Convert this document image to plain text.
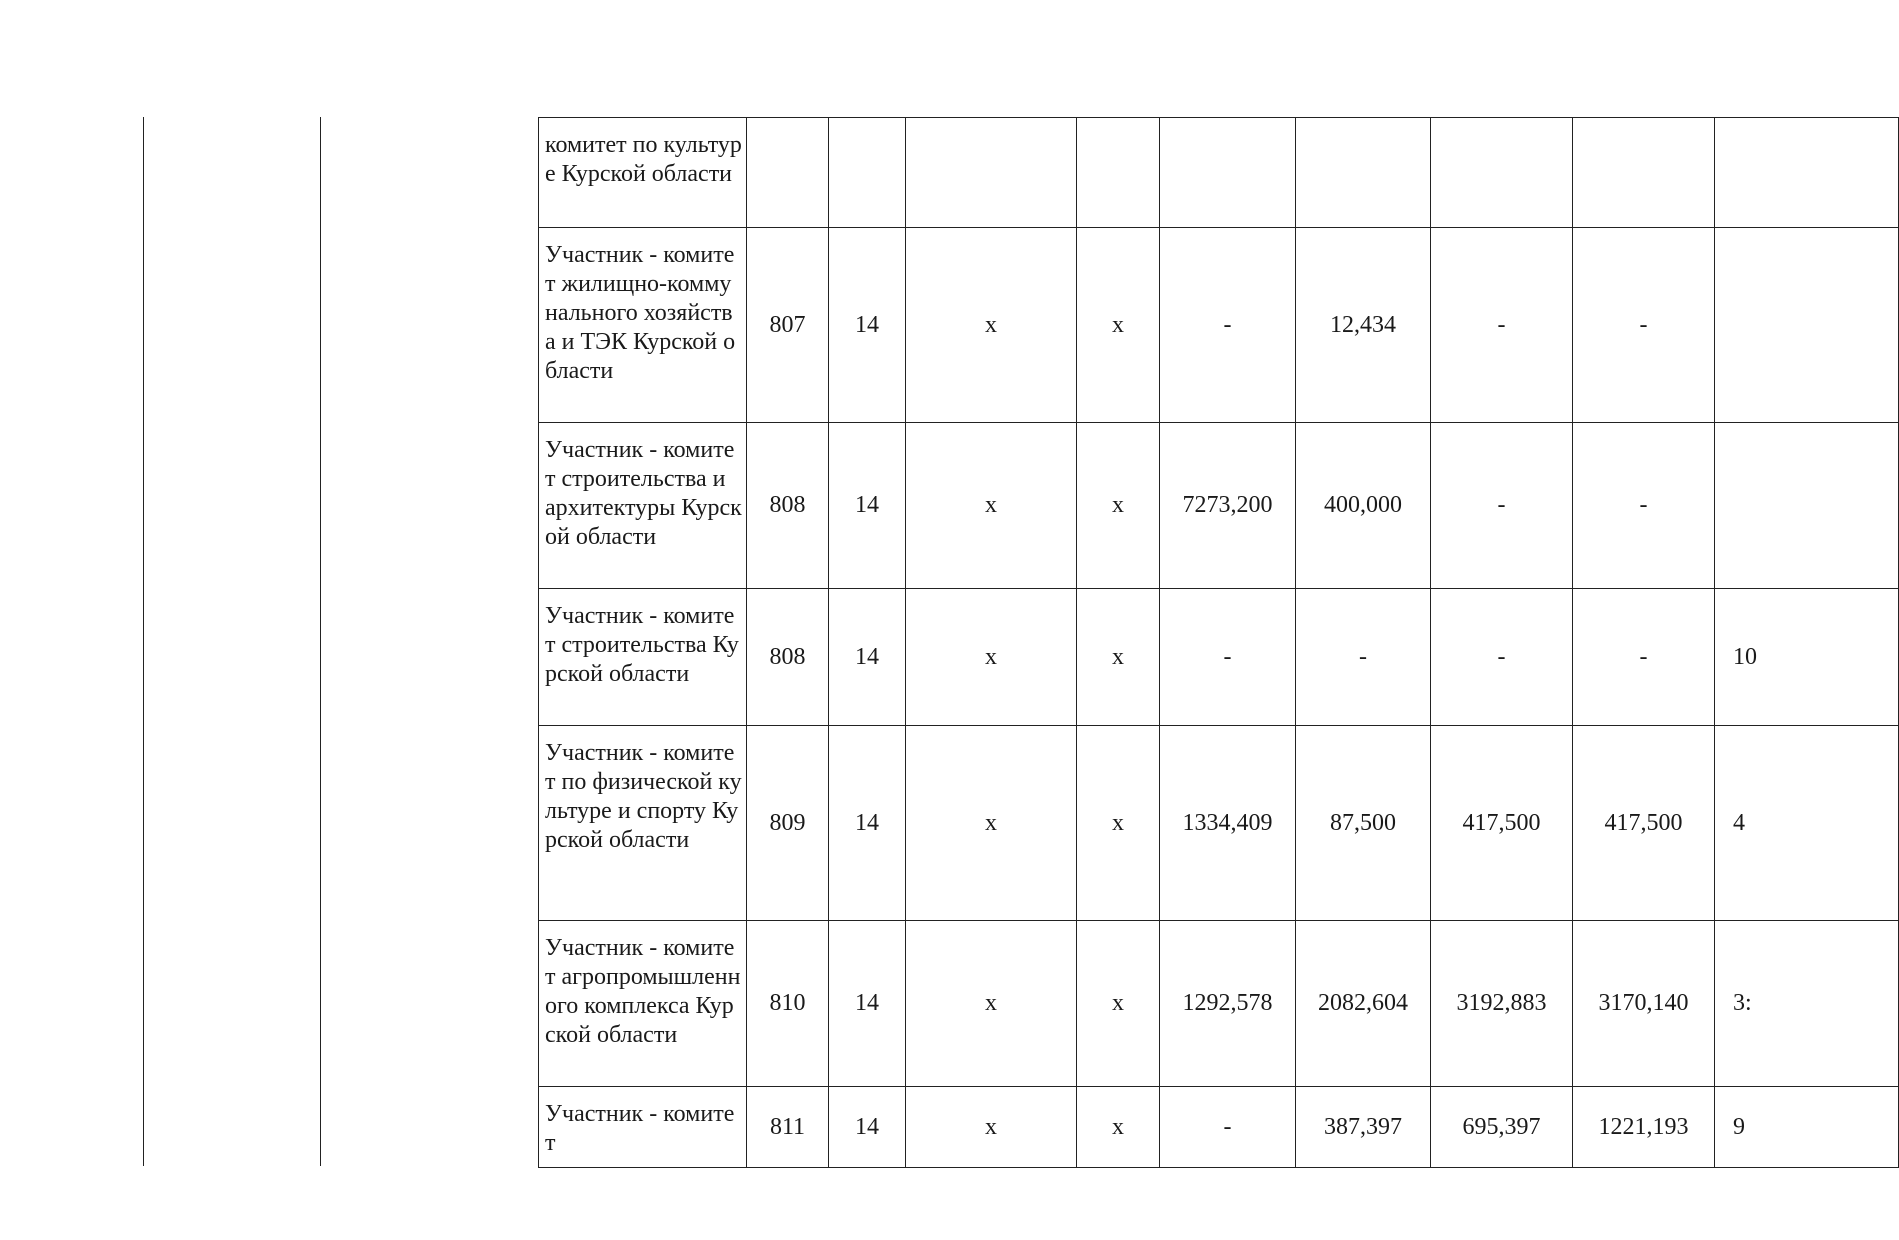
комитет по культуре Курской области									
Участник - комитет жилищно-коммунального хозяйства и ТЭК Курской области	807	14	х	х	-	12,434	-	-	
Участник - комитет строительства и архитектуры Курской области	808	14	х	х	7273,200	400,000	-	-	
Участник - комитет строительства Курской области	808	14	х	х	-	-	-	-	10
Участник - комитет по физической культуре и спорту Курской области	809	14	х	х	1334,409	87,500	417,500	417,500	4
Участник - комитет агропромышленного комплекса Курской области	810	14	х	х	1292,578	2082,604	3192,883	3170,140	3:
Участник - комитет	811	14	х	х	-	387,397	695,397	1221,193	9
